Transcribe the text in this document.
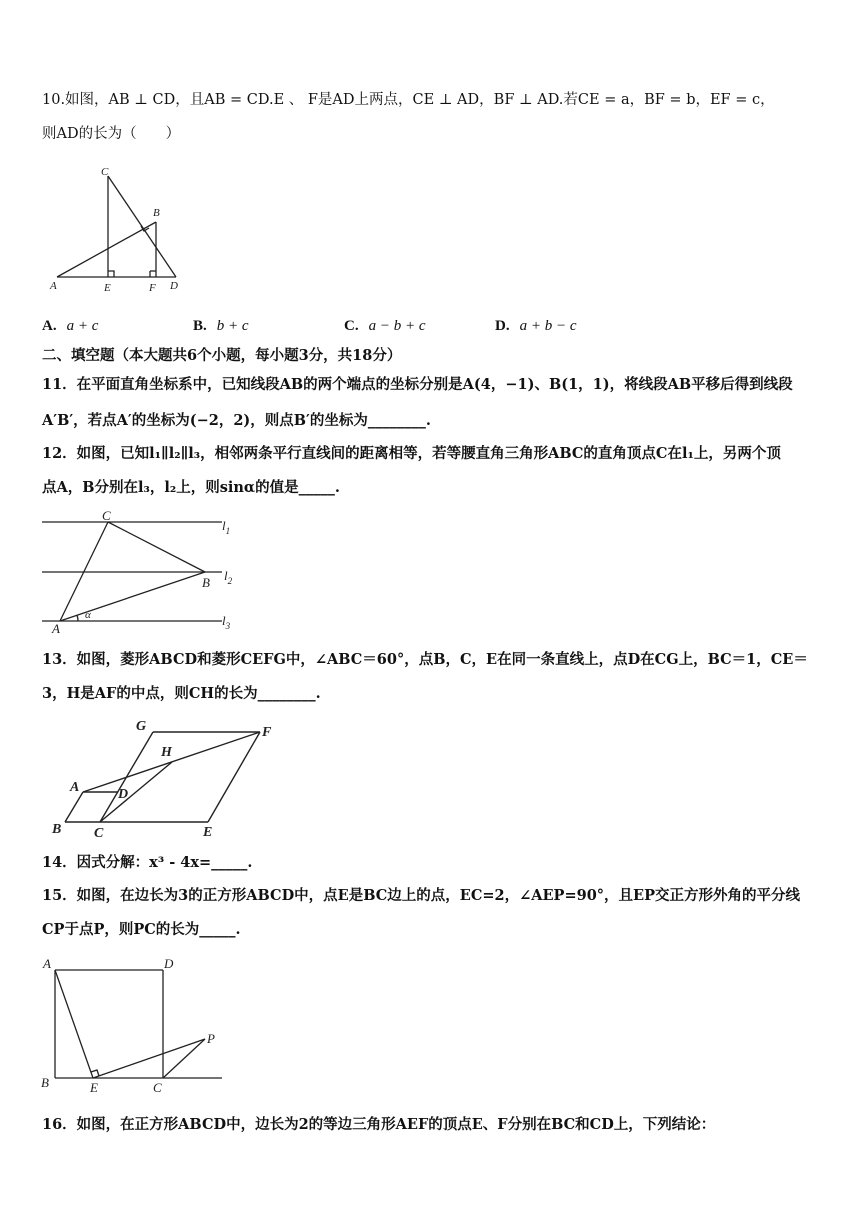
10.如图，AB ⊥ CD，且AB = CD.E 、 F是AD上两点，CE ⊥ AD，BF ⊥ AD.若CE = a，BF = b，EF = c，
则AD的长为（　　）
C
B
A	E	F D
A. a + c	B. b + c	C. a − b + c	D. a + b − c
二、填空题（本大题共6个小题，每小题3分，共18分）
11．在平面直角坐标系中，已知线段AB的两个端点的坐标分别是A(4，−1)、B(1，1)，将线段AB平移后得到线段
A′B′，若点A′的坐标为(−2，2)，则点B′的坐标为________.
12．如图，已知l₁∥l₂∥l₃，相邻两条平行直线间的距离相等，若等腰直角三角形ABC的直角顶点C在l₁上，另两个顶
点A，B分别在l₃，l₂上，则sinα的值是_____.
C
B
A
α
$l_1$
$l_2$
$l_3$
13．如图，菱形ABCD和菱形CEFG中，∠ABC＝60°，点B，C，E在同一条直线上，点D在CG上，BC＝1，CE＝
3，H是AF的中点，则CH的长为________.
G	F
H
A	D
B C	E
14．因式分解：x³ - 4x=_____.
15．如图，在边长为3的正方形ABCD中，点E是BC边上的点，EC=2，∠AEP=90°，且EP交正方形外角的平分线
CP于点P，则PC的长为_____.
A	D
P
B	E	C
16．如图，在正方形ABCD中，边长为2的等边三角形AEF的顶点E、F分别在BC和CD上，下列结论：
